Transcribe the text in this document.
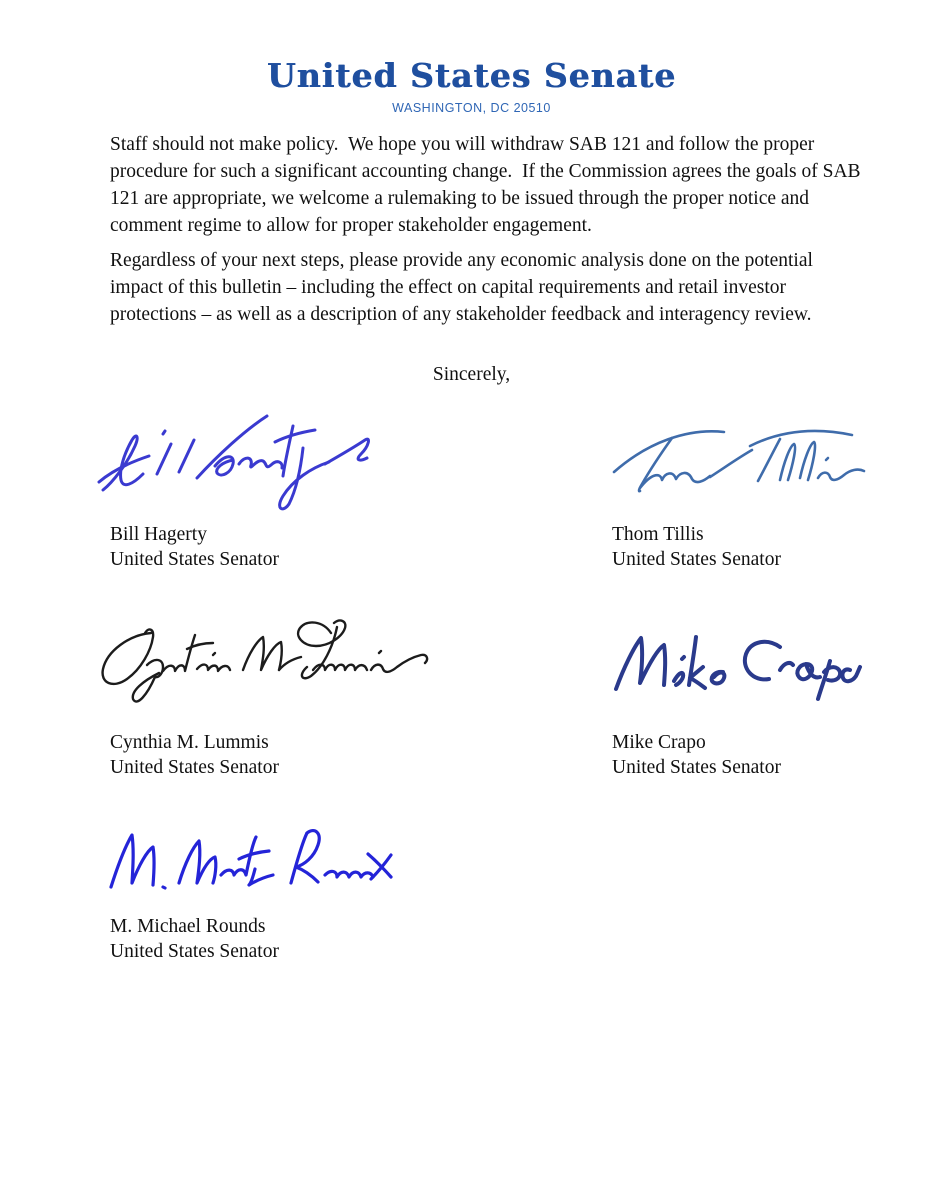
United States Senate
WASHINGTON, DC 20510
Staff should not make policy.  We hope you will withdraw SAB 121 and follow the proper procedure for such a significant accounting change.  If the Commission agrees the goals of SAB 121 are appropriate, we welcome a rulemaking to be issued through the proper notice and comment regime to allow for proper stakeholder engagement.
Regardless of your next steps, please provide any economic analysis done on the potential impact of this bulletin – including the effect on capital requirements and retail investor protections – as well as a description of any stakeholder feedback and interagency review.
Sincerely,
Bill Hagerty
United States Senator
Thom Tillis
United States Senator
Cynthia M. Lummis
United States Senator
Mike Crapo
United States Senator
M. Michael Rounds
United States Senator
